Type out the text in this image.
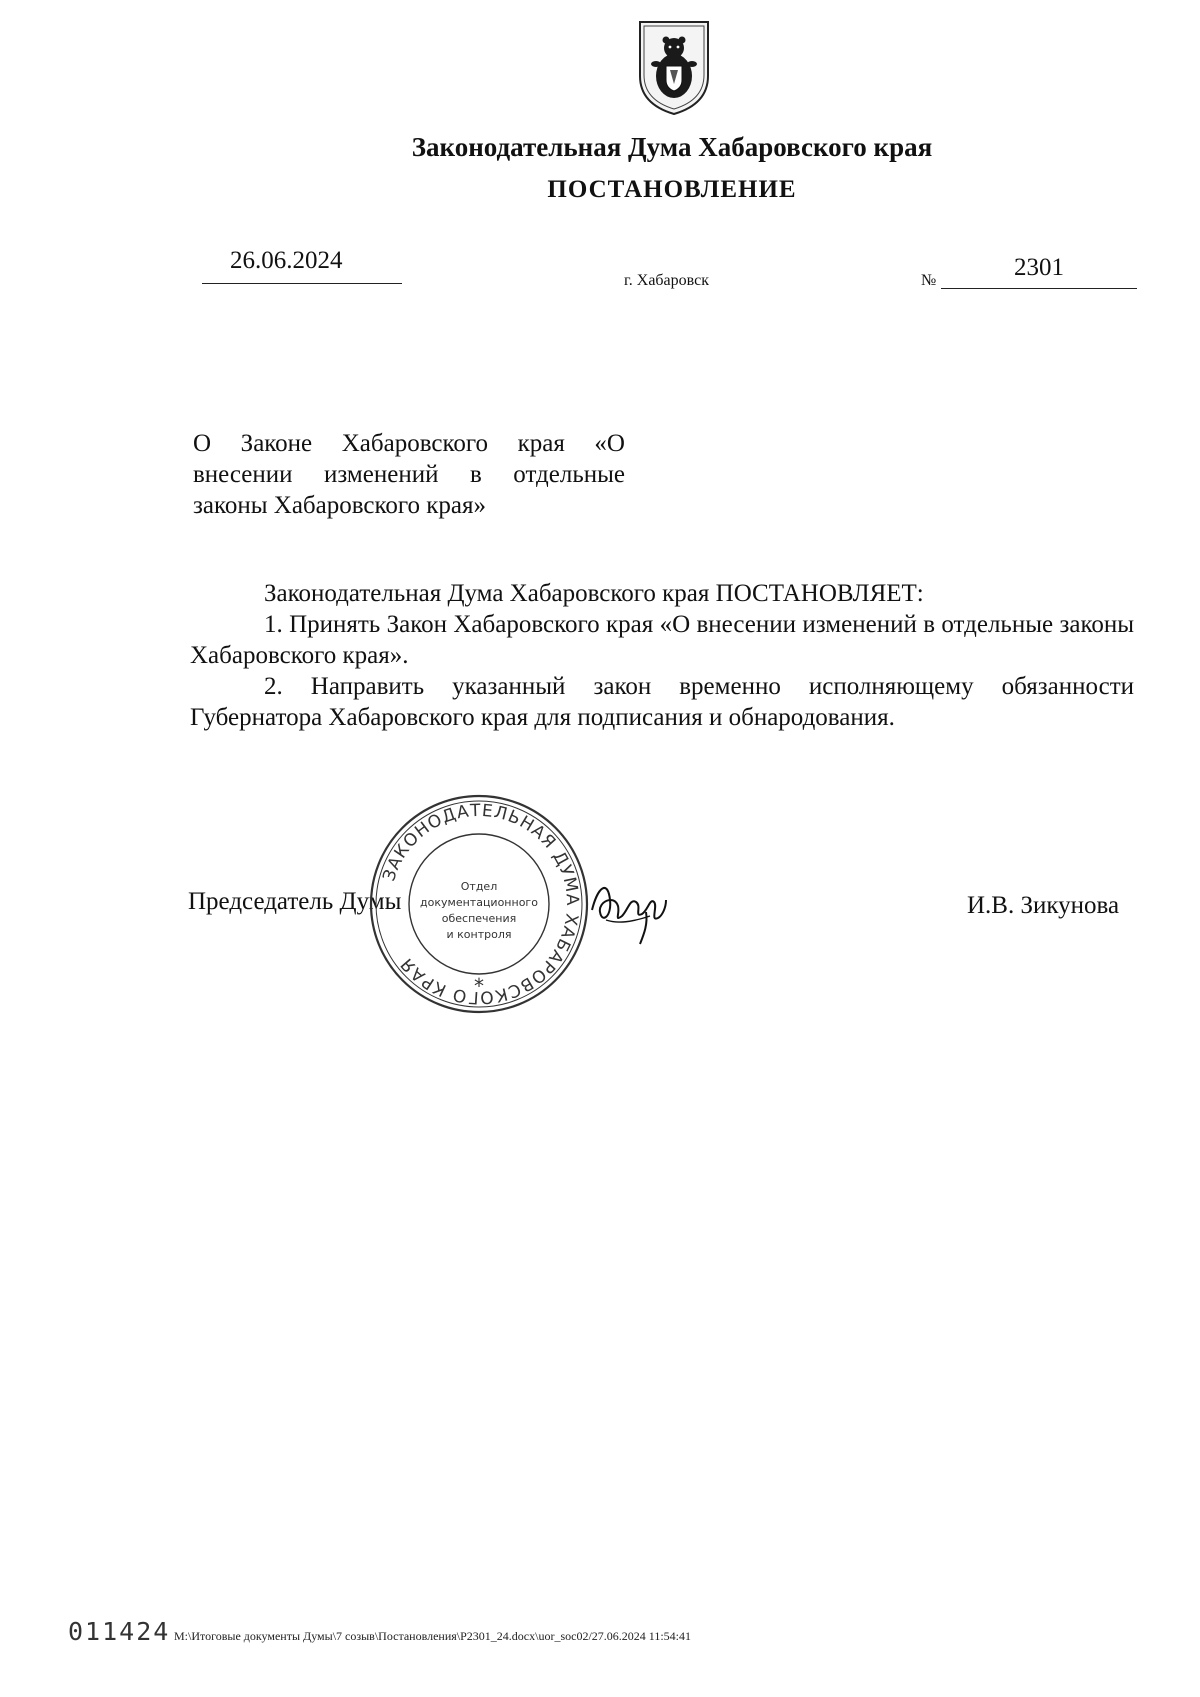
Законодательная Дума Хабаровского края
ПОСТАНОВЛЕНИЕ
26.06.2024
г. Хабаровск	№	2301
О Законе Хабаровского края «О внесении изменений в отдельные законы Хабаровского края»

Законодательная Дума Хабаровского края ПОСТАНОВЛЯЕТ:

1. Принять Закон Хабаровского края «О внесении изменений в отдельные законы Хабаровского края».

2. Направить указанный закон временно исполняющему обязанности Губернатора Хабаровского края для подписания и обнародования.

Председатель Думы	И.В. Зикунова
ЗАКОНОДАТЕЛЬНАЯ ДУМА ХАБАРОВСКОГО КРАЯ
Отдел
документационного
обеспечения
и контроля
*
011424 M:\Итоговые документы Думы\7 созыв\Постановления\P2301_24.docx\uor_soc02/27.06.2024 11:54:41
